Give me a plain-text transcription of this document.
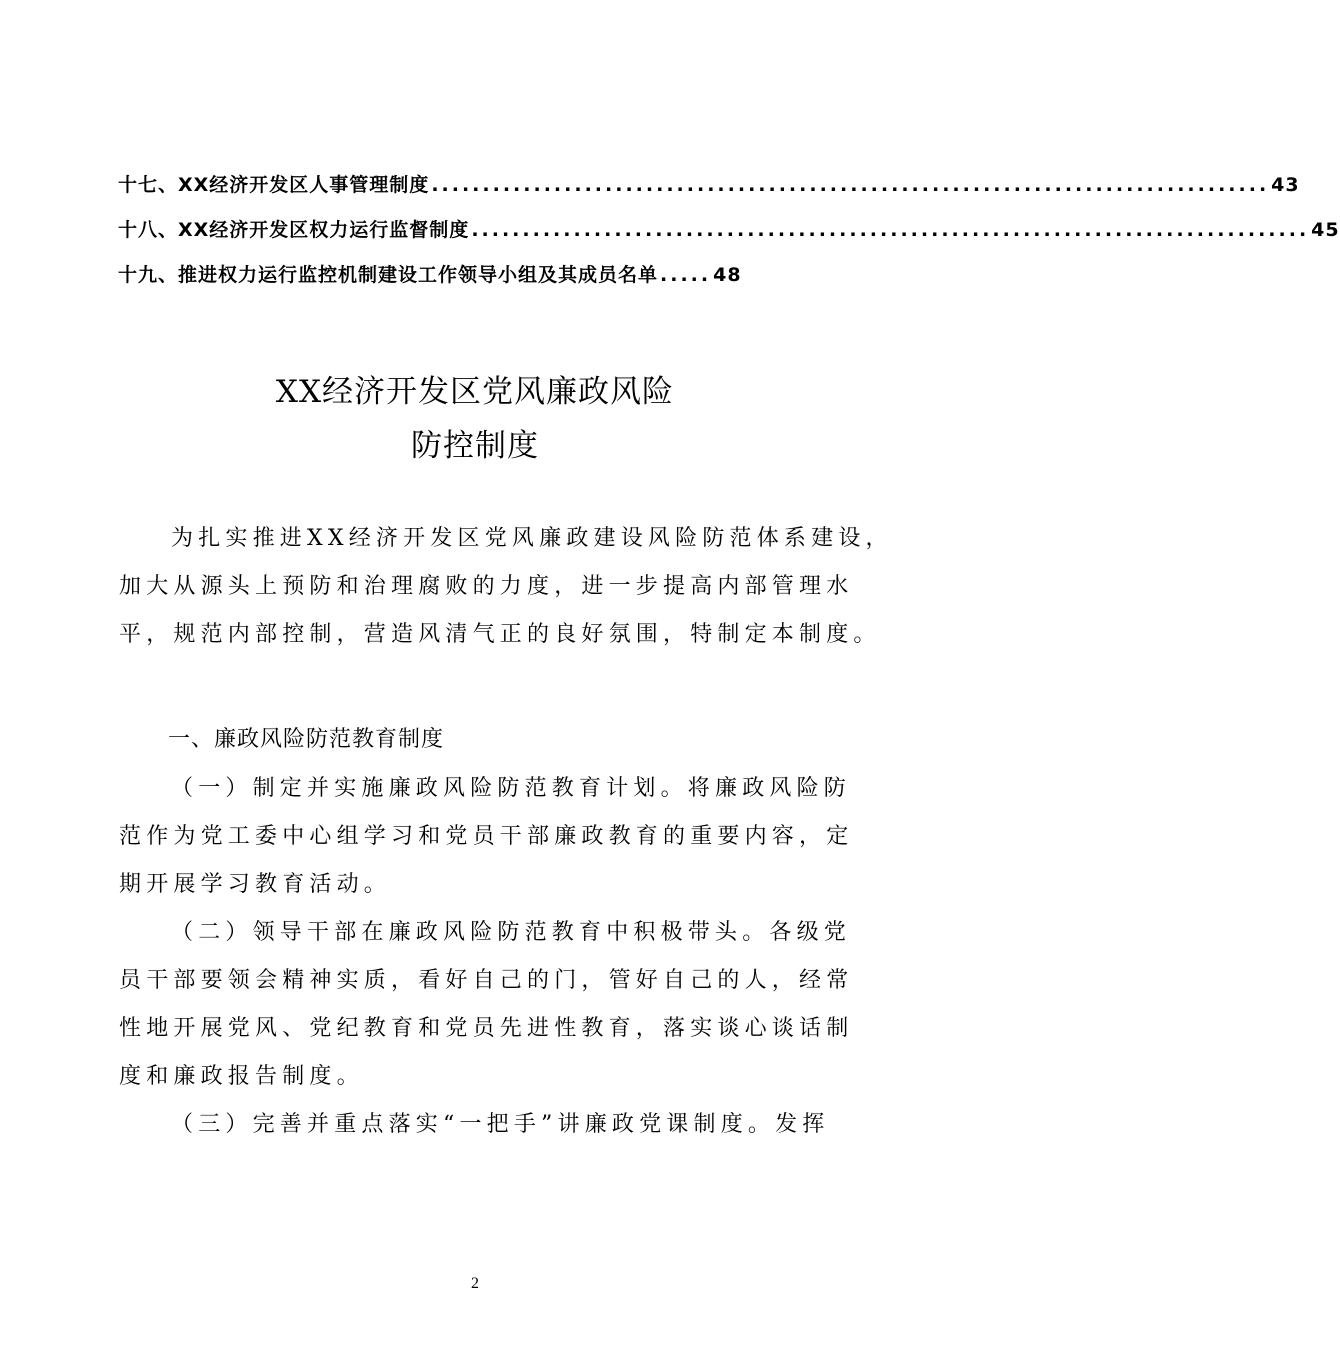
十七、XX经济开发区人事管理制度 .................................................................................. 43
十八、XX经济开发区权力运行监督制度 .................................................................................. 45
十九、推进权力运行监控机制建设工作领导小组及其成员名单 ..... 48
XX经济开发区党风廉政风险
防控制度
为扎实推进XX经济开发区党风廉政建设风险防范体系建设，
加大从源头上预防和治理腐败的力度，进一步提高内部管理水
平，规范内部控制，营造风清气正的良好氛围，特制定本制度。
一、廉政风险防范教育制度
（一）制定并实施廉政风险防范教育计划。将廉政风险防
范作为党工委中心组学习和党员干部廉政教育的重要内容，定
期开展学习教育活动。
（二）领导干部在廉政风险防范教育中积极带头。各级党
员干部要领会精神实质，看好自己的门，管好自己的人，经常
性地开展党风、党纪教育和党员先进性教育，落实谈心谈话制
度和廉政报告制度。
（三）完善并重点落实“一把手”讲廉政党课制度。发挥
2
